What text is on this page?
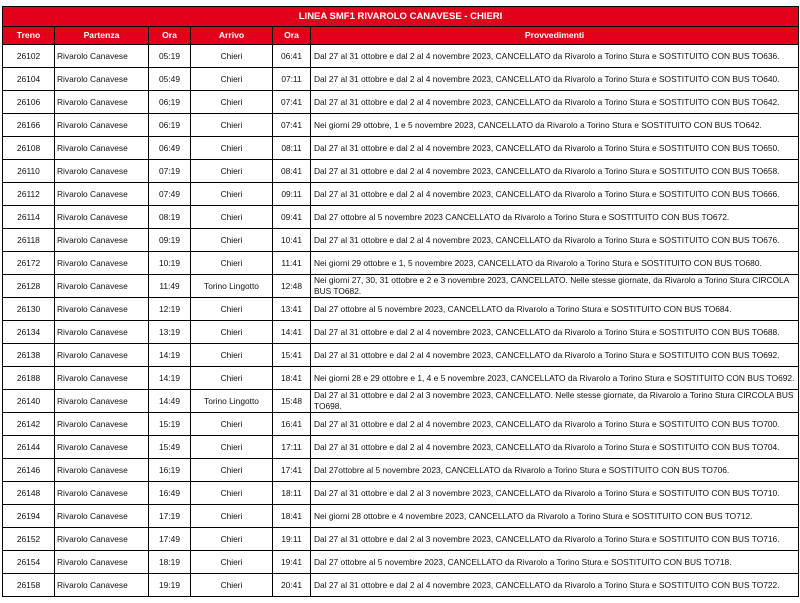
LINEA SMF1 RIVAROLO CANAVESE - CHIERI					
Treno	Partenza	Ora	Arrivo	Ora	Provvedimenti
26102	Rivarolo Canavese	05:19	Chieri	06:41	Dal 27 al 31 ottobre e dal 2 al 4 novembre 2023, CANCELLATO da Rivarolo a Torino Stura e SOSTITUITO CON BUS TO636.
26104	Rivarolo Canavese	05:49	Chieri	07:11	Dal 27 al 31 ottobre e dal 2 al 4 novembre 2023, CANCELLATO da Rivarolo a Torino Stura e SOSTITUITO CON BUS TO640.
26106	Rivarolo Canavese	06:19	Chieri	07:41	Dal 27 al 31 ottobre e dal 2 al 4 novembre 2023, CANCELLATO da Rivarolo a Torino Stura e SOSTITUITO CON BUS TO642.
26166	Rivarolo Canavese	06:19	Chieri	07:41	Nei giorni 29 ottobre, 1 e 5 novembre 2023, CANCELLATO da Rivarolo a Torino Stura e SOSTITUITO CON BUS TO642.
26108	Rivarolo Canavese	06:49	Chieri	08:11	Dal 27 al 31 ottobre e dal 2 al 4 novembre 2023, CANCELLATO da Rivarolo a Torino Stura e SOSTITUITO CON BUS TO650.
26110	Rivarolo Canavese	07:19	Chieri	08:41	Dal 27 al 31 ottobre e dal 2 al 4 novembre 2023, CANCELLATO da Rivarolo a Torino Stura e SOSTITUITO CON BUS TO658.
26112	Rivarolo Canavese	07:49	Chieri	09:11	Dal 27 al 31 ottobre e dal 2 al 4 novembre 2023, CANCELLATO da Rivarolo a Torino Stura e SOSTITUITO CON BUS TO666.
26114	Rivarolo Canavese	08:19	Chieri	09:41	Dal 27 ottobre al 5 novembre 2023 CANCELLATO da Rivarolo a Torino Stura e SOSTITUITO CON BUS TO672.
26118	Rivarolo Canavese	09:19	Chieri	10:41	Dal 27 al 31 ottobre e dal 2 al 4 novembre 2023, CANCELLATO da Rivarolo a Torino Stura e SOSTITUITO CON BUS TO676.
26172	Rivarolo Canavese	10:19	Chieri	11:41	Nei giorni 29 ottobre e 1, 5 novembre 2023, CANCELLATO da Rivarolo a Torino Stura e SOSTITUITO CON BUS TO680.
26128	Rivarolo Canavese	11:49	Torino Lingotto	12:48	Nei giorni 27, 30, 31 ottobre e 2 e 3 novembre 2023, CANCELLATO. Nelle stesse giornate, da Rivarolo a Torino Stura CIRCOLA BUS TO682.
26130	Rivarolo Canavese	12:19	Chieri	13:41	Dal 27 ottobre al 5 novembre 2023, CANCELLATO da Rivarolo a Torino Stura e SOSTITUITO CON BUS TO684.
26134	Rivarolo Canavese	13:19	Chieri	14:41	Dal 27 al 31 ottobre e dal 2 al 4 novembre 2023, CANCELLATO da Rivarolo a Torino Stura e SOSTITUITO CON BUS TO688.
26138	Rivarolo Canavese	14:19	Chieri	15:41	Dal 27 al 31 ottobre e dal 2 al 4 novembre 2023, CANCELLATO da Rivarolo a Torino Stura e SOSTITUITO CON BUS TO692.
26188	Rivarolo Canavese	14:19	Chieri	18:41	Nei giorni 28 e 29 ottobre e 1, 4 e 5 novembre 2023, CANCELLATO da Rivarolo a Torino Stura e SOSTITUITO CON BUS TO692.
26140	Rivarolo Canavese	14:49	Torino Lingotto	15:48	Dal 27 al 31 ottobre e dal 2 al 3 novembre 2023, CANCELLATO. Nelle stesse giornate, da Rivarolo a Torino Stura CIRCOLA BUS TO698.
26142	Rivarolo Canavese	15:19	Chieri	16:41	Dal 27 al 31 ottobre e dal 2 al 4 novembre 2023, CANCELLATO da Rivarolo a Torino Stura e SOSTITUITO CON BUS TO700.
26144	Rivarolo Canavese	15:49	Chieri	17:11	Dal 27 al 31 ottobre e dal 2 al 4 novembre 2023, CANCELLATO da Rivarolo a Torino Stura e SOSTITUITO CON BUS TO704.
26146	Rivarolo Canavese	16:19	Chieri	17:41	Dal 27ottobre al 5 novembre 2023, CANCELLATO da Rivarolo a Torino Stura e SOSTITUITO CON BUS TO706.
26148	Rivarolo Canavese	16:49	Chieri	18:11	Dal 27 al 31 ottobre e dal 2 al 3 novembre 2023, CANCELLATO da Rivarolo a Torino Stura e SOSTITUITO CON BUS TO710.
26194	Rivarolo Canavese	17:19	Chieri	18:41	Nei giorni 28 ottobre e 4 novembre 2023, CANCELLATO da Rivarolo a Torino Stura e SOSTITUITO CON BUS TO712.
26152	Rivarolo Canavese	17:49	Chieri	19:11	Dal 27 al 31 ottobre e dal 2 al 3 novembre 2023, CANCELLATO da Rivarolo a Torino Stura e SOSTITUITO CON BUS TO716.
26154	Rivarolo Canavese	18:19	Chieri	19:41	Dal 27 ottobre al 5 novembre 2023, CANCELLATO da Rivarolo a Torino Stura e SOSTITUITO CON BUS TO718.
26158	Rivarolo Canavese	19:19	Chieri	20:41	Dal 27 al 31 ottobre e dal 2 al 4 novembre 2023, CANCELLATO da Rivarolo a Torino Stura e SOSTITUITO CON BUS TO722.
